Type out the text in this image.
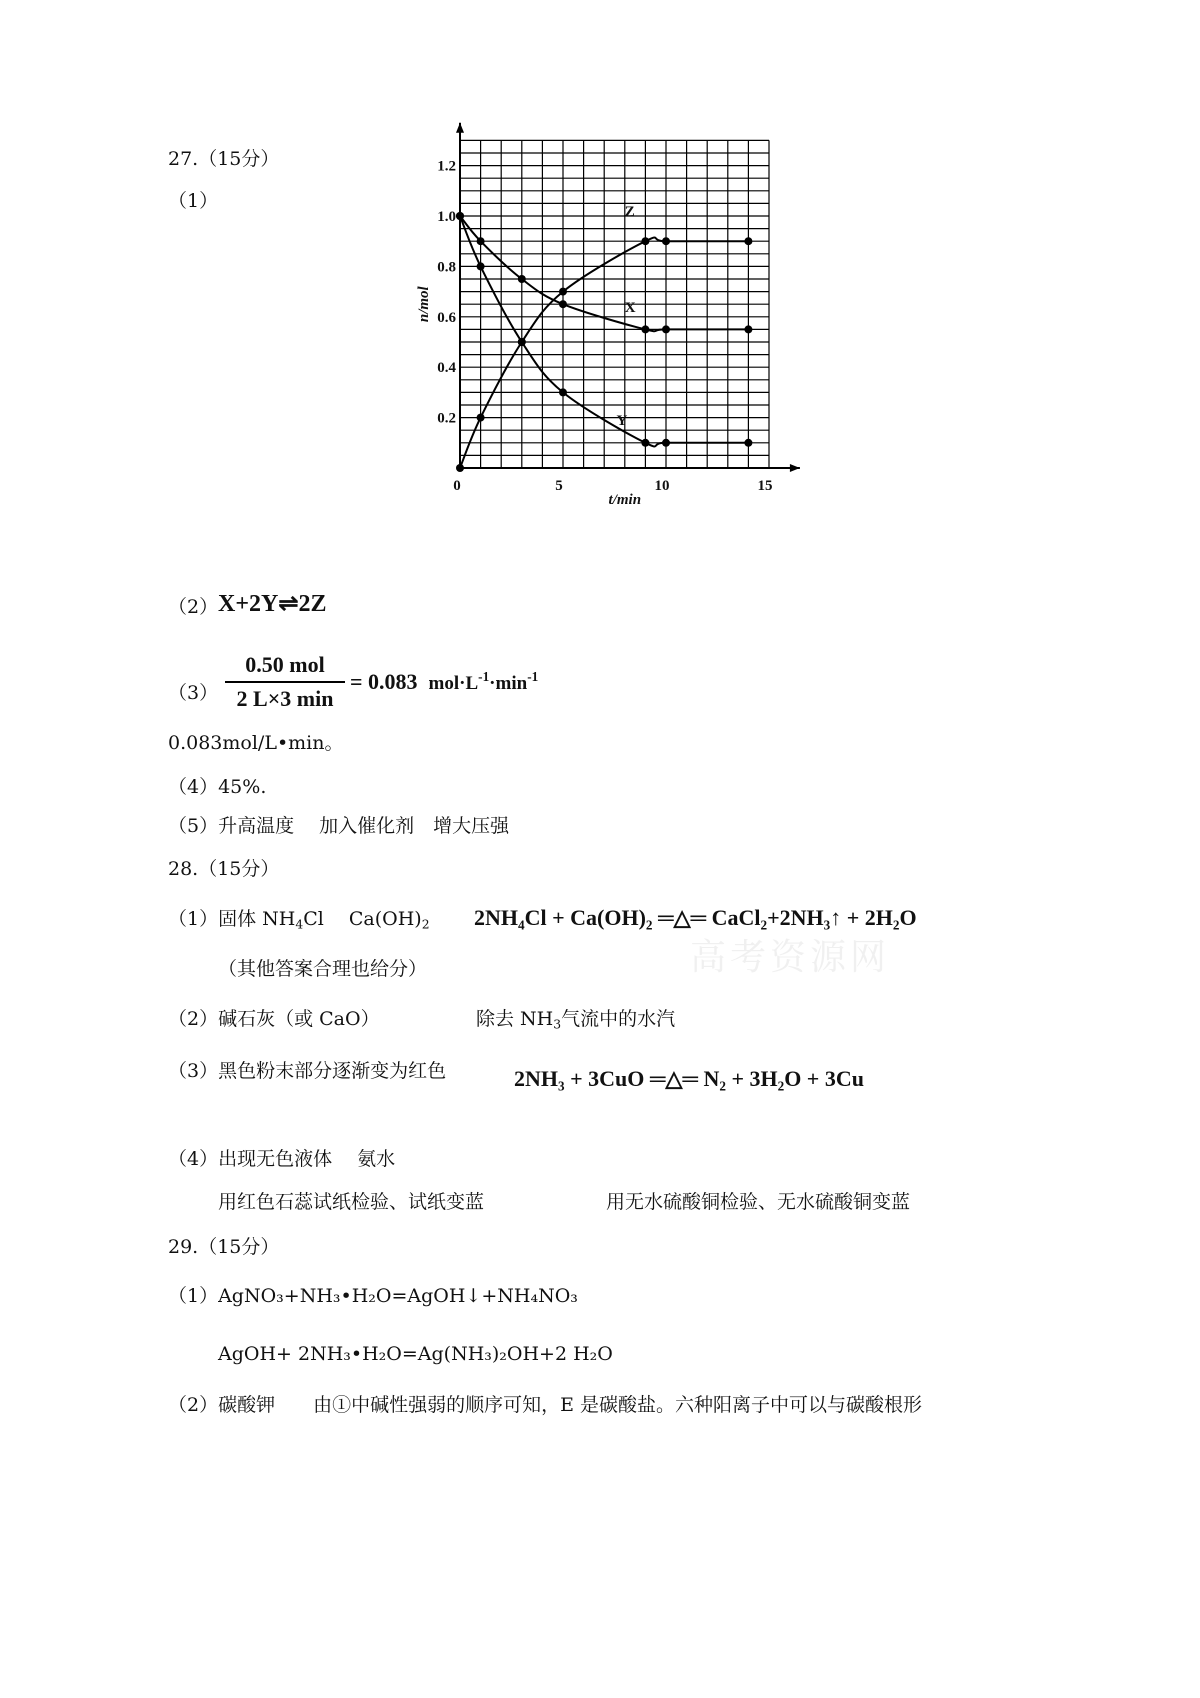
27.（15分）
（1）
0	5	10	15
0.2
0.4
0.6
0.8
1.0
1.2
t/min
n/mol
Z
X
Y
（2） X+2Y⇌2Z
（3）
0.50 mol
2 L×3 min
= 0.083 $mol\cdot L^{-1}\cdot\min^{-1}$
0.083mol/L•min。
（4）45%.
（5）升高温度　 加入催化剂　增大压强
28.（15分）
（1）固体 $NH_4Cl$　 $Ca(OH)_2$ 2NH₄Cl + Ca(OH)₂ ═△═ CaCl₂+2NH₃↑ + 2H₂O
（其他答案合理也给分）	高考资源网
（2）碱石灰（或 CaO）	除去 $NH_3$气流中的水汽
（3）黑色粉末部分逐渐变为红色	2NH₃ + 3CuO ═△═ N₂ + 3H₂O + 3Cu
（4）出现无色液体　 氨水
用红色石蕊试纸检验、试纸变蓝	用无水硫酸铜检验、无水硫酸铜变蓝
29.（15分）
（1）AgNO₃+NH₃•H₂O=AgOH↓+NH₄NO₃
AgOH+ 2NH₃•H₂O=Ag(NH₃)₂OH+2 H₂O
（2）碳酸钾　　由①中碱性强弱的顺序可知，E 是碳酸盐。六种阳离子中可以与碳酸根形
